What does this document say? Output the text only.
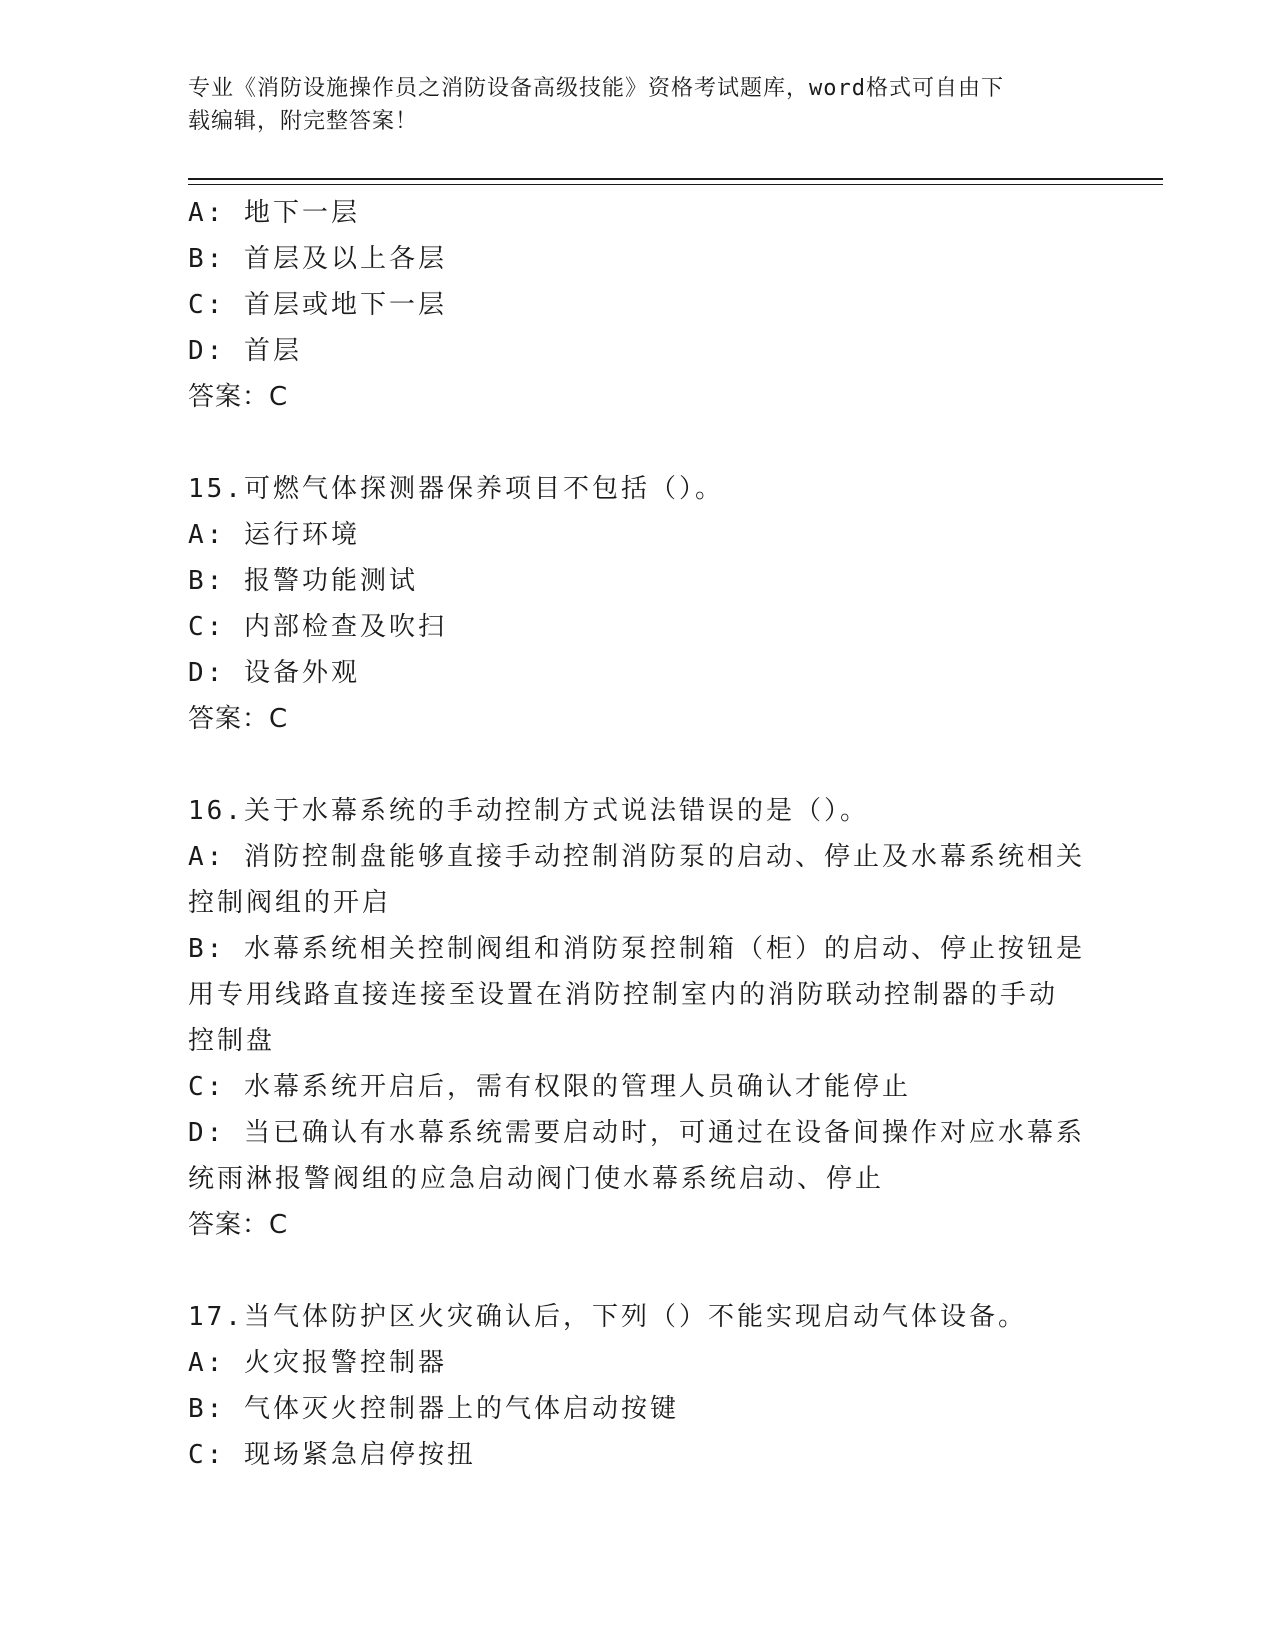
专业《消防设施操作员之消防设备高级技能》资格考试题库，word格式可自由下
载编辑，附完整答案！
A: 地下一层
B: 首层及以上各层
C: 首层或地下一层
D: 首层
答案：C
15.可燃气体探测器保养项目不包括（）。
A: 运行环境
B: 报警功能测试
C: 内部检查及吹扫
D: 设备外观
答案：C
16.关于水幕系统的手动控制方式说法错误的是（）。
A: 消防控制盘能够直接手动控制消防泵的启动、停止及水幕系统相关
控制阀组的开启
B: 水幕系统相关控制阀组和消防泵控制箱（柜）的启动、停止按钮是
用专用线路直接连接至设置在消防控制室内的消防联动控制器的手动
控制盘
C: 水幕系统开启后，需有权限的管理人员确认才能停止
D: 当已确认有水幕系统需要启动时，可通过在设备间操作对应水幕系
统雨淋报警阀组的应急启动阀门使水幕系统启动、停止
答案：C
17.当气体防护区火灾确认后，下列（）不能实现启动气体设备。
A: 火灾报警控制器
B: 气体灭火控制器上的气体启动按键
C: 现场紧急启停按扭
